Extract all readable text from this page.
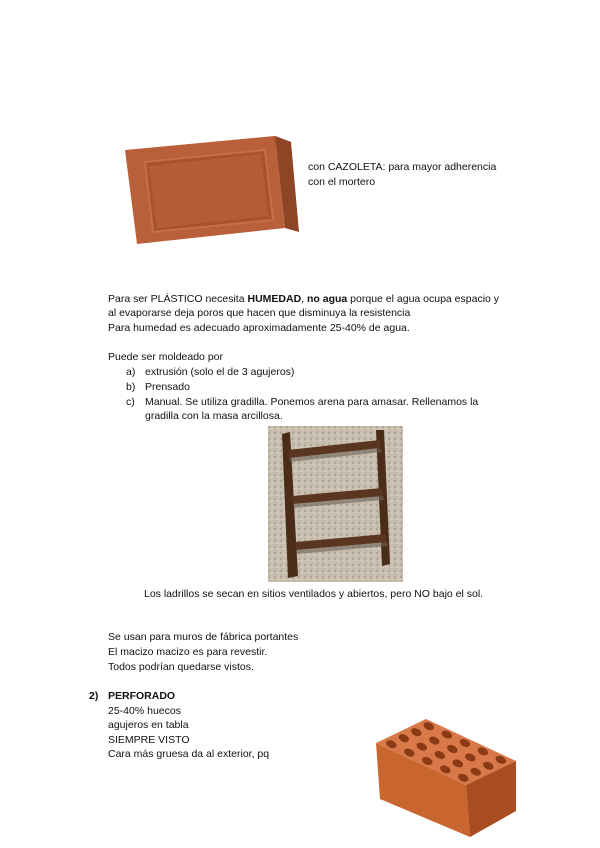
con CAZOLETA: para mayor adherencia
con el mortero
Para ser PLÁSTICO necesita HUMEDAD, no agua porque el agua ocupa espacio y
al evaporarse deja poros que hacen que disminuya la resistencia
Para humedad es adecuado aproximadamente 25-40% de agua.
Puede ser moldeado por
a) extrusión (solo el de 3 agujeros)
b) Prensado
c) Manual. Se utiliza gradilla. Ponemos arena para amasar. Rellenamos la
gradilla con la masa arcillosa.
Los ladrillos se secan en sitios ventilados y abiertos, pero NO bajo el sol.
Se usan para muros de fábrica portantes
El macizo macizo es para revestir.
Todos podrían quedarse vistos.
2) PERFORADO
25-40% huecos
agujeros en tabla
SIEMPRE VISTO
Cara más gruesa da al exterior, pq
